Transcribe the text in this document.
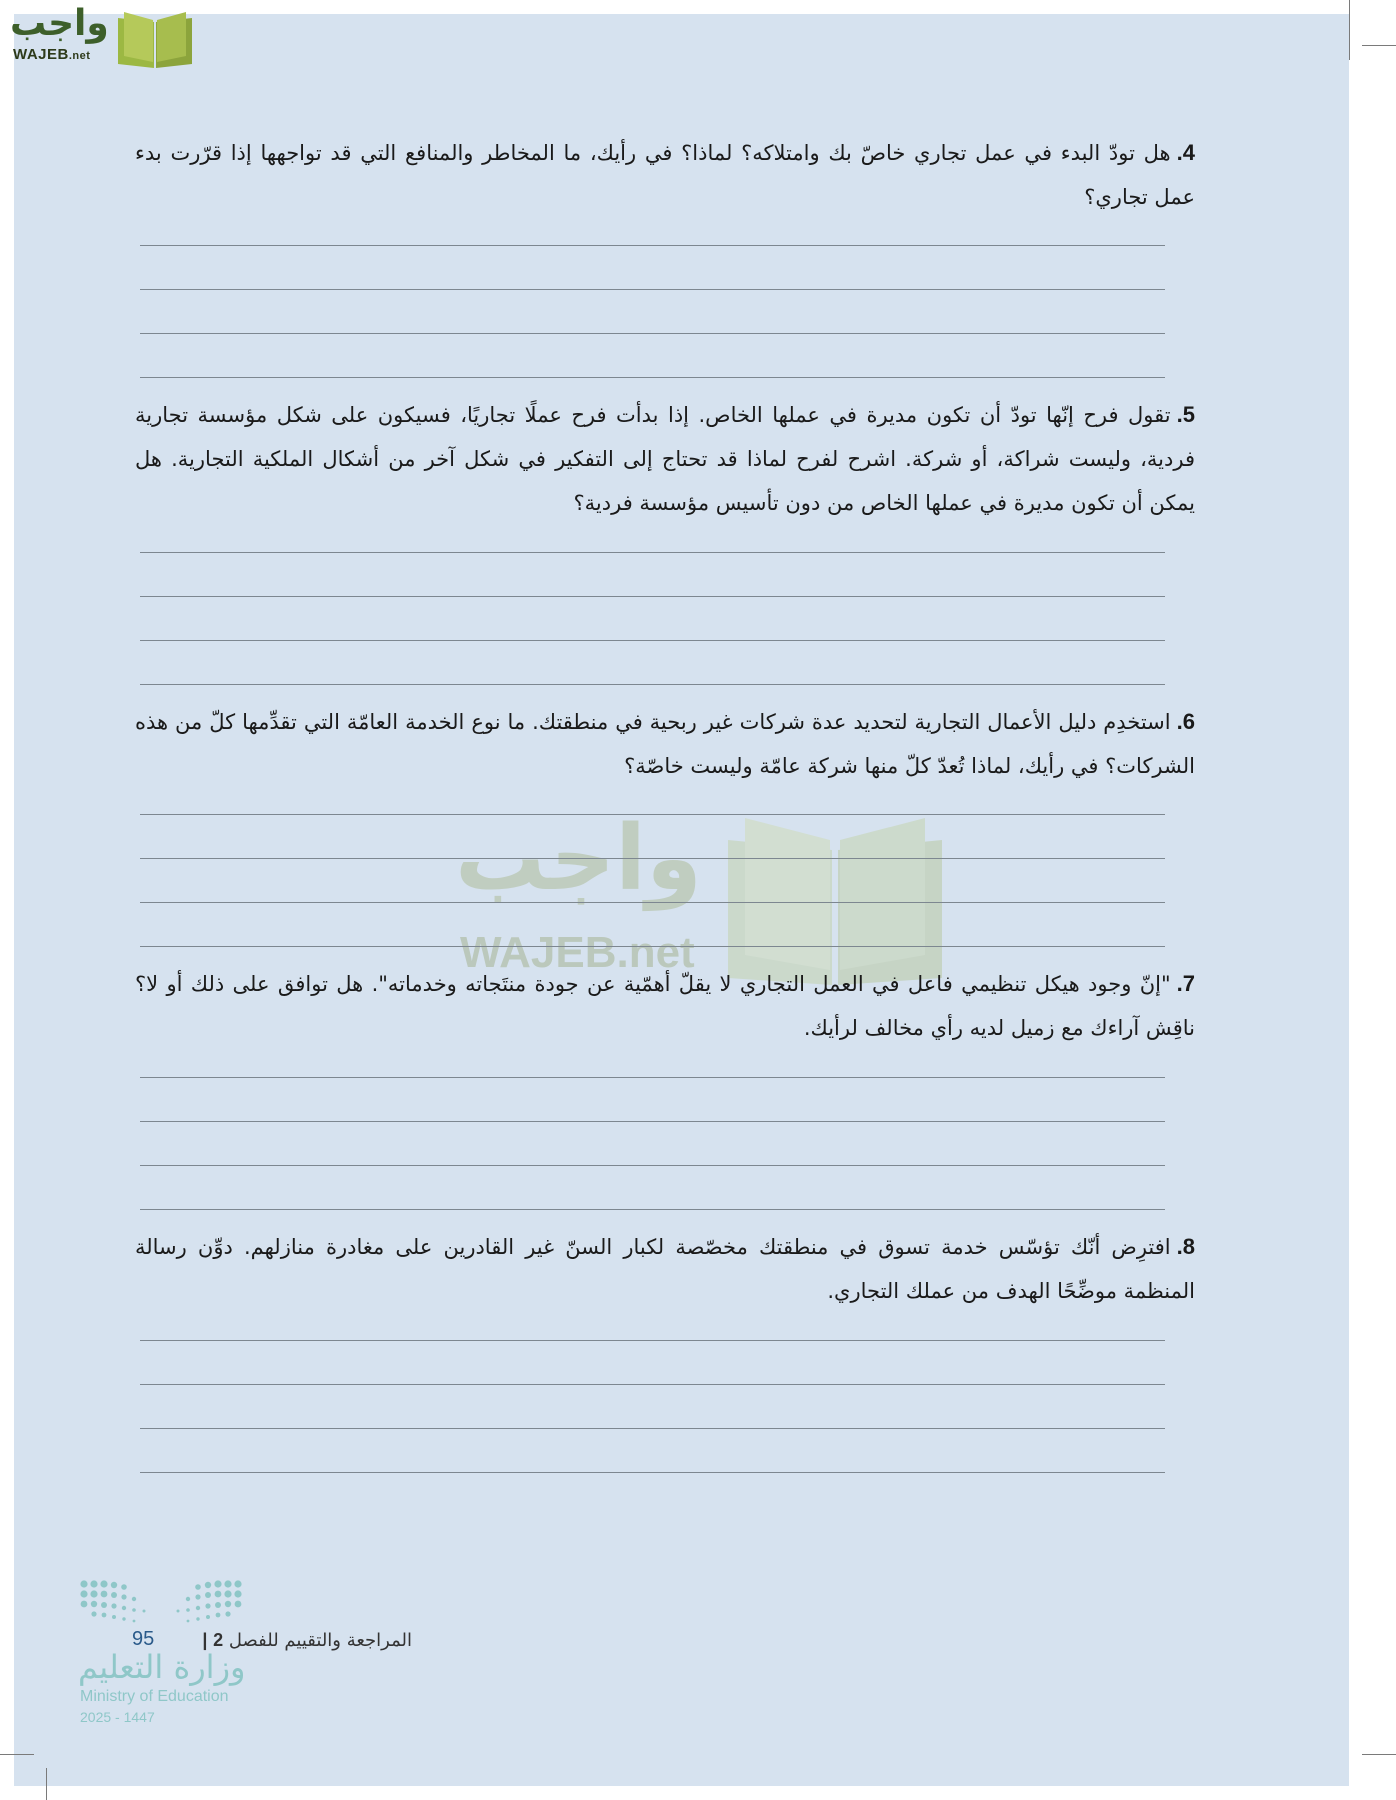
واجب
WAJEB.net
واجب
WAJEB.net

4.هل تودّ البدء في عمل تجاري خاصّ بك وامتلاكه؟ لماذا؟ في رأيك، ما المخاطر والمنافع التي قد تواجهها إذا قرّرت بدء عمل تجاري؟

5.تقول فرح إنّها تودّ أن تكون مديرة في عملها الخاص. إذا بدأت فرح عملًا تجاريًا، فسيكون على شكل مؤسسة تجارية فردية، وليست شراكة، أو شركة. اشرح لفرح لماذا قد تحتاج إلى التفكير في شكل آخر من أشكال الملكية التجارية. هل يمكن أن تكون مديرة في عملها الخاص من دون تأسيس مؤسسة فردية؟

6.استخدِم دليل الأعمال التجارية لتحديد عدة شركات غير ربحية في منطقتك. ما نوع الخدمة العامّة التي تقدِّمها كلّ من هذه الشركات؟ في رأيك، لماذا تُعدّ كلّ منها شركة عامّة وليست خاصّة؟

7."إنّ وجود هيكل تنظيمي فاعل في العمل التجاري لا يقلّ أهمّية عن جودة منتَجاته وخدماته". هل توافق على ذلك أو لا؟ ناقِش آراءك مع زميل لديه رأي مخالف لرأيك.

8.افترِض أنّك تؤسّس خدمة تسوق في منطقتك مخصّصة لكبار السنّ غير القادرين على مغادرة منازلهم. دوِّن رسالة المنظمة موضِّحًا الهدف من عملك التجاري.

وزارة التعليم
Ministry of Education
2025 - 1447
المراجعة والتقييم للفصل 2 |
95
